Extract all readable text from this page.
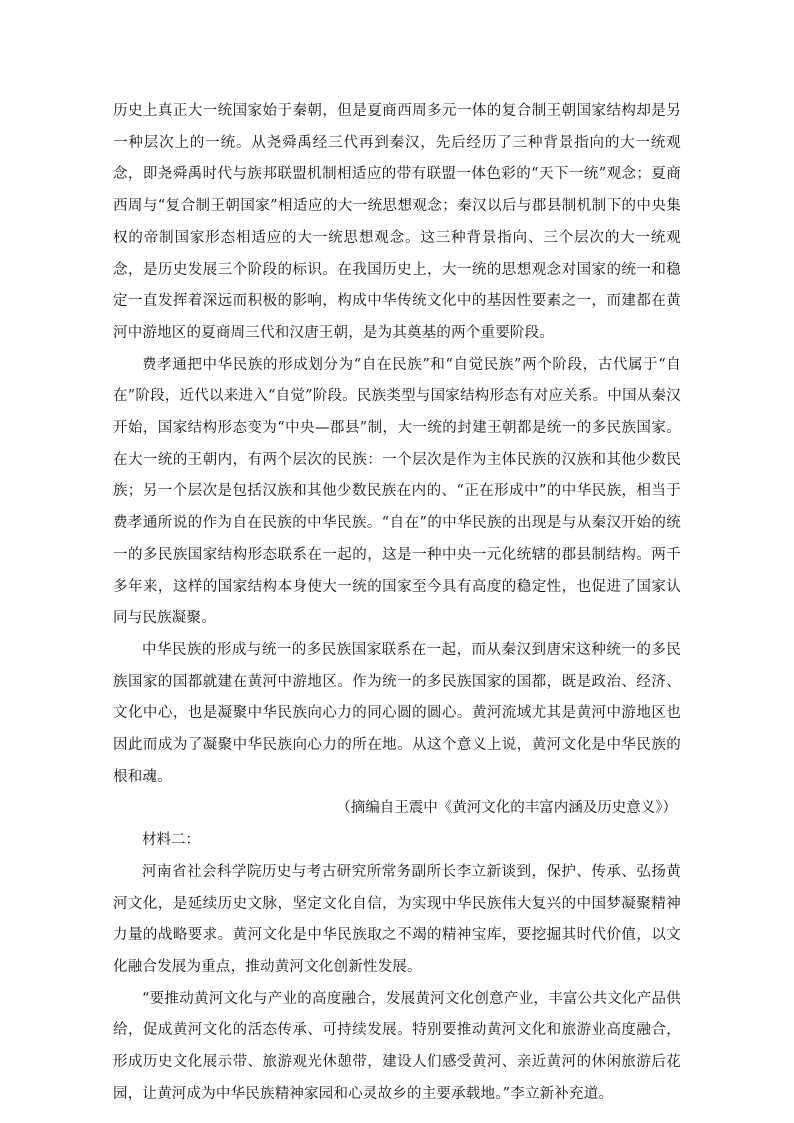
历史上真正大一统国家始于秦朝，但是夏商西周多元一体的复合制王朝国家结构却是另一种层次上的一统。从尧舜禹经三代再到秦汉，先后经历了三种背景指向的大一统观念，即尧舜禹时代与族邦联盟机制相适应的带有联盟一体色彩的“天下一统”观念；夏商西周与“复合制王朝国家”相适应的大一统思想观念；秦汉以后与郡县制机制下的中央集权的帝制国家形态相适应的大一统思想观念。这三种背景指向、三个层次的大一统观念，是历史发展三个阶段的标识。在我国历史上，大一统的思想观念对国家的统一和稳定一直发挥着深远而积极的影响，构成中华传统文化中的基因性要素之一，而建都在黄河中游地区的夏商周三代和汉唐王朝，是为其奠基的两个重要阶段。

费孝通把中华民族的形成划分为“自在民族”和“自觉民族”两个阶段，古代属于“自在”阶段，近代以来进入“自觉”阶段。民族类型与国家结构形态有对应关系。中国从秦汉开始，国家结构形态变为“中央—郡县”制，大一统的封建王朝都是统一的多民族国家。在大一统的王朝内，有两个层次的民族：一个层次是作为主体民族的汉族和其他少数民族；另一个层次是包括汉族和其他少数民族在内的、“正在形成中”的中华民族，相当于费孝通所说的作为自在民族的中华民族。“自在”的中华民族的出现是与从秦汉开始的统一的多民族国家结构形态联系在一起的，这是一种中央一元化统辖的郡县制结构。两千多年来，这样的国家结构本身使大一统的国家至今具有高度的稳定性，也促进了国家认同与民族凝聚。

中华民族的形成与统一的多民族国家联系在一起，而从秦汉到唐宋这种统一的多民族国家的国都就建在黄河中游地区。作为统一的多民族国家的国都，既是政治、经济、文化中心，也是凝聚中华民族向心力的同心圆的圆心。黄河流域尤其是黄河中游地区也因此而成为了凝聚中华民族向心力的所在地。从这个意义上说，黄河文化是中华民族的根和魂。

（摘编自王震中《黄河文化的丰富内涵及历史意义》）

材料二：

河南省社会科学院历史与考古研究所常务副所长李立新谈到，保护、传承、弘扬黄河文化，是延续历史文脉，坚定文化自信，为实现中华民族伟大复兴的中国梦凝聚精神力量的战略要求。黄河文化是中华民族取之不竭的精神宝库，要挖掘其时代价值，以文化融合发展为重点，推动黄河文化创新性发展。

“要推动黄河文化与产业的高度融合，发展黄河文化创意产业，丰富公共文化产品供给，促成黄河文化的活态传承、可持续发展。特别要推动黄河文化和旅游业高度融合，形成历史文化展示带、旅游观光休憩带，建设人们感受黄河、亲近黄河的休闲旅游后花园，让黄河成为中华民族精神家园和心灵故乡的主要承载地。”李立新补充道。
